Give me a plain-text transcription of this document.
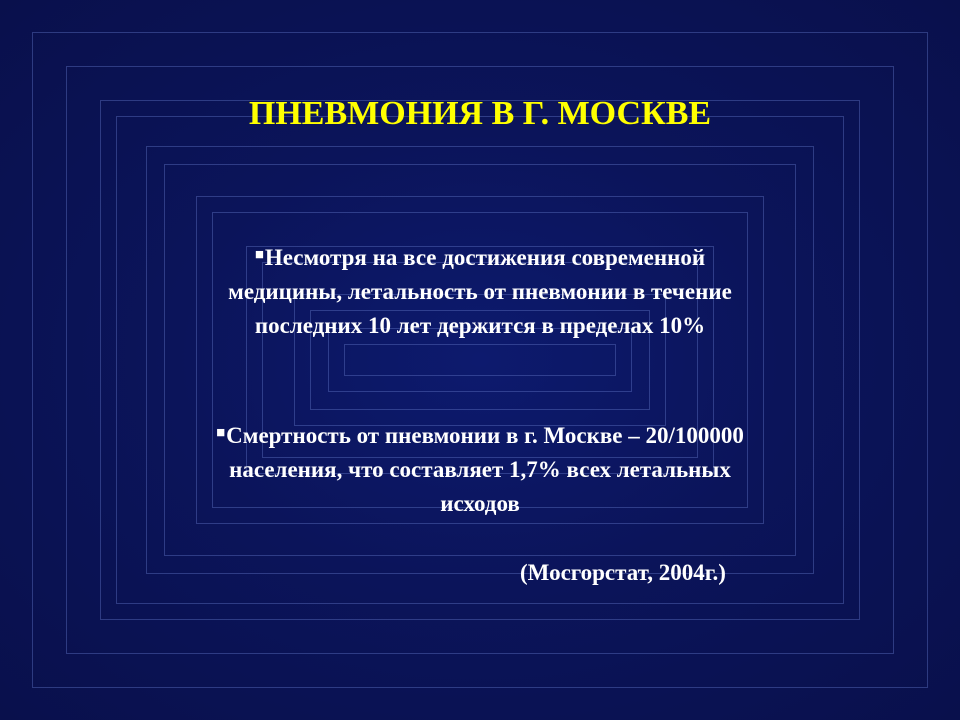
ПНЕВМОНИЯ В Г. МОСКВЕ
■Несмотря на все достижения современной
медицины, летальность от пневмонии в течение
последних 10 лет держится в пределах 10%
■Смертность от пневмонии в г. Москве – 20/100000
населения, что составляет 1,7% всех летальных
исходов

(Мосгорстат, 2004г.)
